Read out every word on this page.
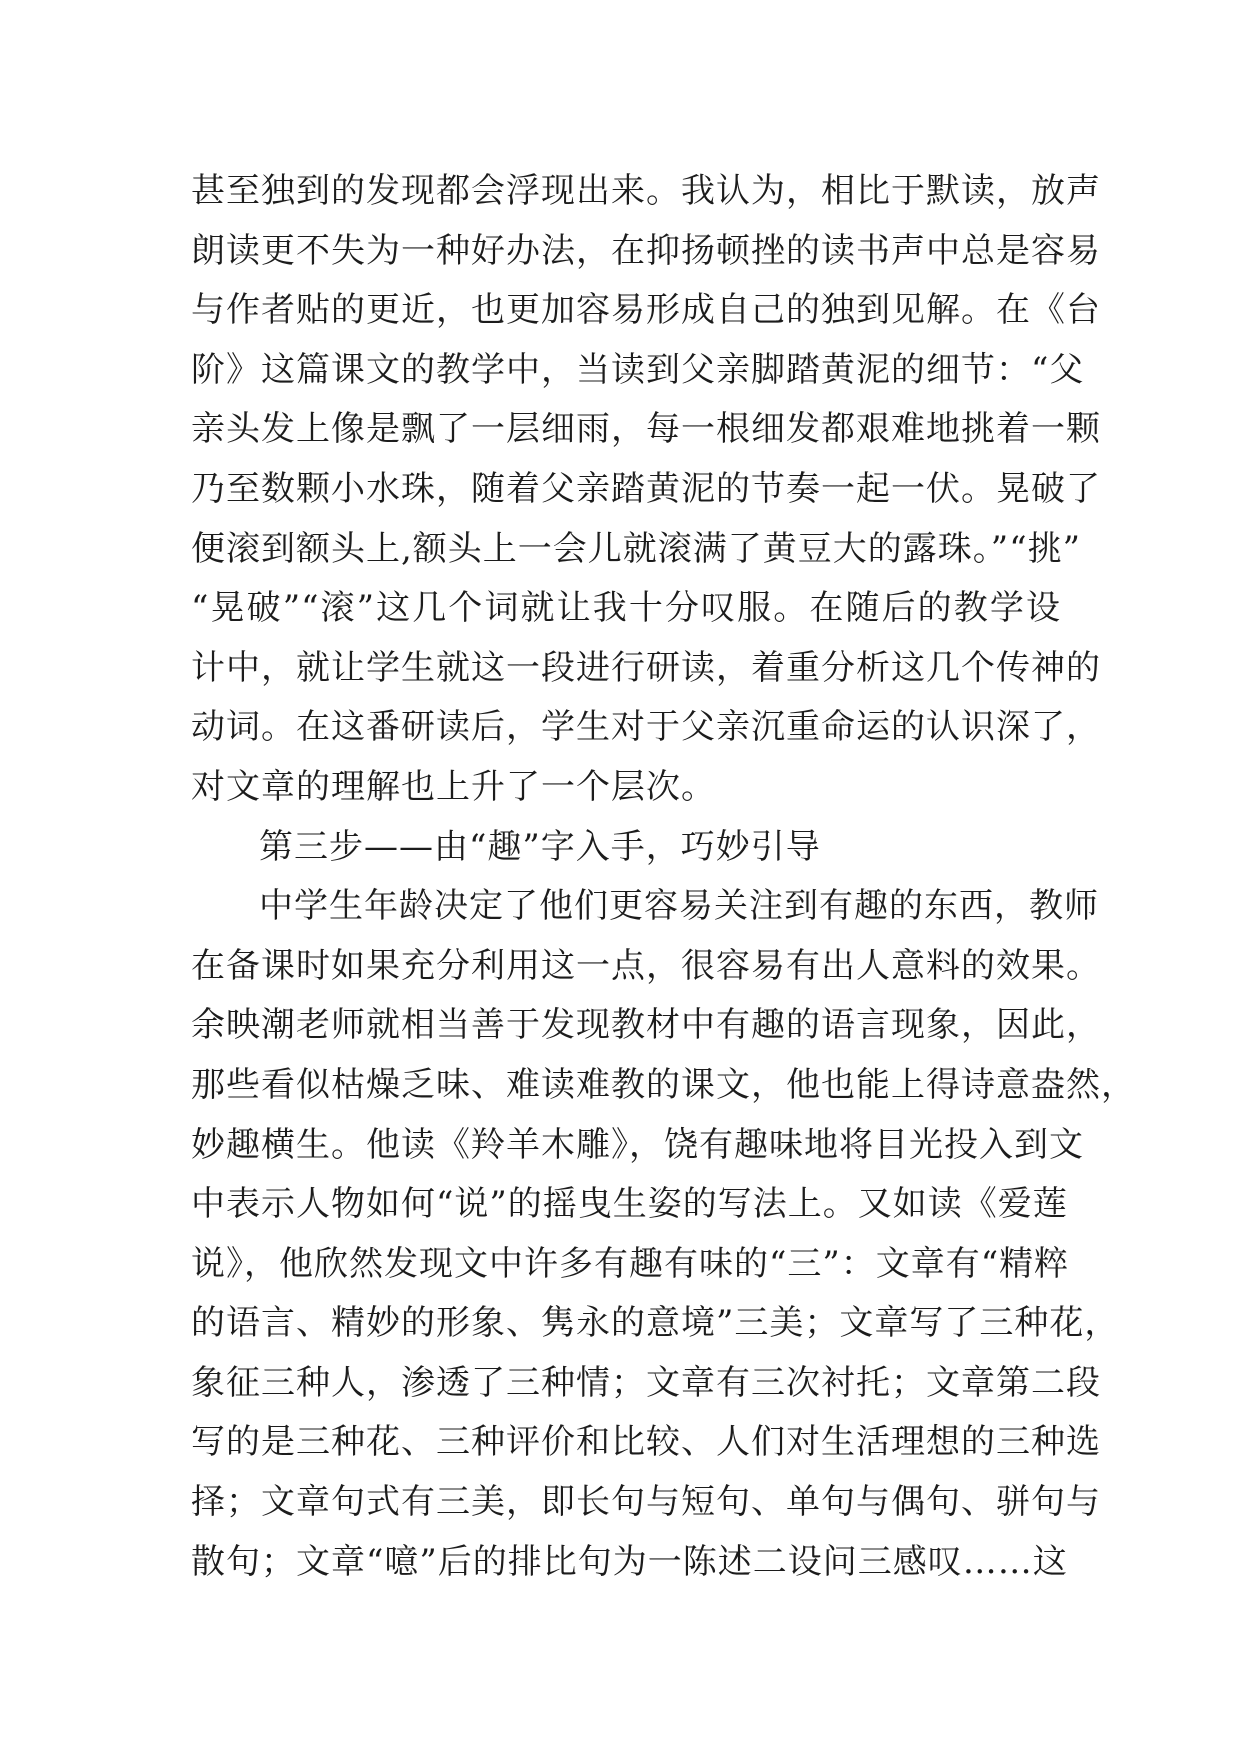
甚至独到的发现都会浮现出来。我认为，相比于默读，放声
朗读更不失为一种好办法，在抑扬顿挫的读书声中总是容易
与作者贴的更近，也更加容易形成自己的独到见解。在《台
阶》这篇课文的教学中，当读到父亲脚踏黄泥的细节：“父
亲头发上像是飘了一层细雨，每一根细发都艰难地挑着一颗
乃至数颗小水珠，随着父亲踏黄泥的节奏一起一伏。晃破了
便滚到额头上,额头上一会儿就滚满了黄豆大的露珠。”“挑”
“晃破”“滚”这几个词就让我十分叹服。在随后的教学设
计中，就让学生就这一段进行研读，着重分析这几个传神的
动词。在这番研读后，学生对于父亲沉重命运的认识深了，
对文章的理解也上升了一个层次。
第三步——由“趣”字入手，巧妙引导
中学生年龄决定了他们更容易关注到有趣的东西，教师
在备课时如果充分利用这一点，很容易有出人意料的效果。
余映潮老师就相当善于发现教材中有趣的语言现象，因此，
那些看似枯燥乏味、难读难教的课文，他也能上得诗意盎然，
妙趣横生。他读《羚羊木雕》，饶有趣味地将目光投入到文
中表示人物如何“说”的摇曳生姿的写法上。又如读《爱莲
说》，他欣然发现文中许多有趣有味的“三”：文章有“精粹
的语言、精妙的形象、隽永的意境”三美；文章写了三种花，
象征三种人，渗透了三种情；文章有三次衬托；文章第二段
写的是三种花、三种评价和比较、人们对生活理想的三种选
择；文章句式有三美，即长句与短句、单句与偶句、骈句与
散句；文章“噫”后的排比句为一陈述二设问三感叹……这
